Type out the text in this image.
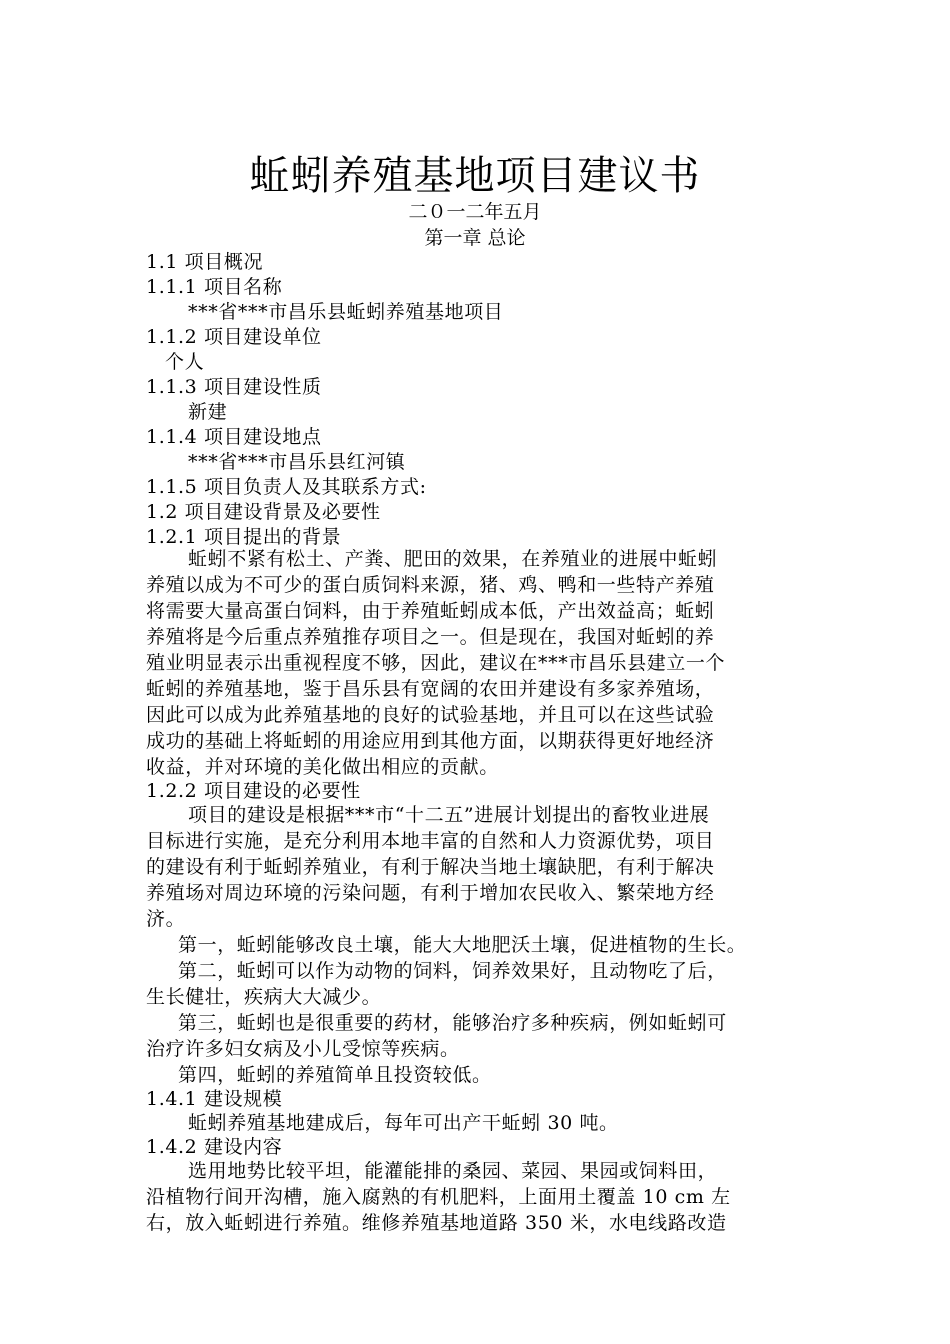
蚯蚓养殖基地项目建议书
二０一二年五月
第一章 总论
1.1 项目概况
1.1.1 项目名称
***省***市昌乐县蚯蚓养殖基地项目
1.1.2 项目建设单位
个人
1.1.3 项目建设性质
新建
1.1.4 项目建设地点
***省***市昌乐县红河镇
1.1.5 项目负责人及其联系方式:
1.2 项目建设背景及必要性
1.2.1 项目提出的背景
蚯蚓不紧有松土、产粪、肥田的效果，在养殖业的进展中蚯蚓
养殖以成为不可少的蛋白质饲料来源，猪、鸡、鸭和一些特产养殖
将需要大量高蛋白饲料，由于养殖蚯蚓成本低，产出效益高；蚯蚓
养殖将是今后重点养殖推存项目之一。但是现在，我国对蚯蚓的养
殖业明显表示出重视程度不够，因此，建议在***市昌乐县建立一个
蚯蚓的养殖基地，鉴于昌乐县有宽阔的农田并建设有多家养殖场，
因此可以成为此养殖基地的良好的试验基地，并且可以在这些试验
成功的基础上将蚯蚓的用途应用到其他方面，以期获得更好地经济
收益，并对环境的美化做出相应的贡献。
1.2.2 项目建设的必要性
项目的建设是根据***市“十二五”进展计划提出的畜牧业进展
目标进行实施，是充分利用本地丰富的自然和人力资源优势，项目
的建设有利于蚯蚓养殖业，有利于解决当地土壤缺肥，有利于解决
养殖场对周边环境的污染问题，有利于增加农民收入、繁荣地方经
济。
第一，蚯蚓能够改良土壤，能大大地肥沃土壤，促进植物的生长。
第二，蚯蚓可以作为动物的饲料，饲养效果好，且动物吃了后，
生长健壮，疾病大大减少。
第三，蚯蚓也是很重要的药材，能够治疗多种疾病，例如蚯蚓可
治疗许多妇女病及小儿受惊等疾病。
第四，蚯蚓的养殖简单且投资较低。
1.4.1 建设规模
蚯蚓养殖基地建成后，每年可出产干蚯蚓 30 吨。
1.4.2 建设内容
选用地势比较平坦，能灌能排的桑园、菜园、果园或饲料田，
沿植物行间开沟槽，施入腐熟的有机肥料，上面用土覆盖 10 cm 左
右，放入蚯蚓进行养殖。维修养殖基地道路 350 米，水电线路改造
